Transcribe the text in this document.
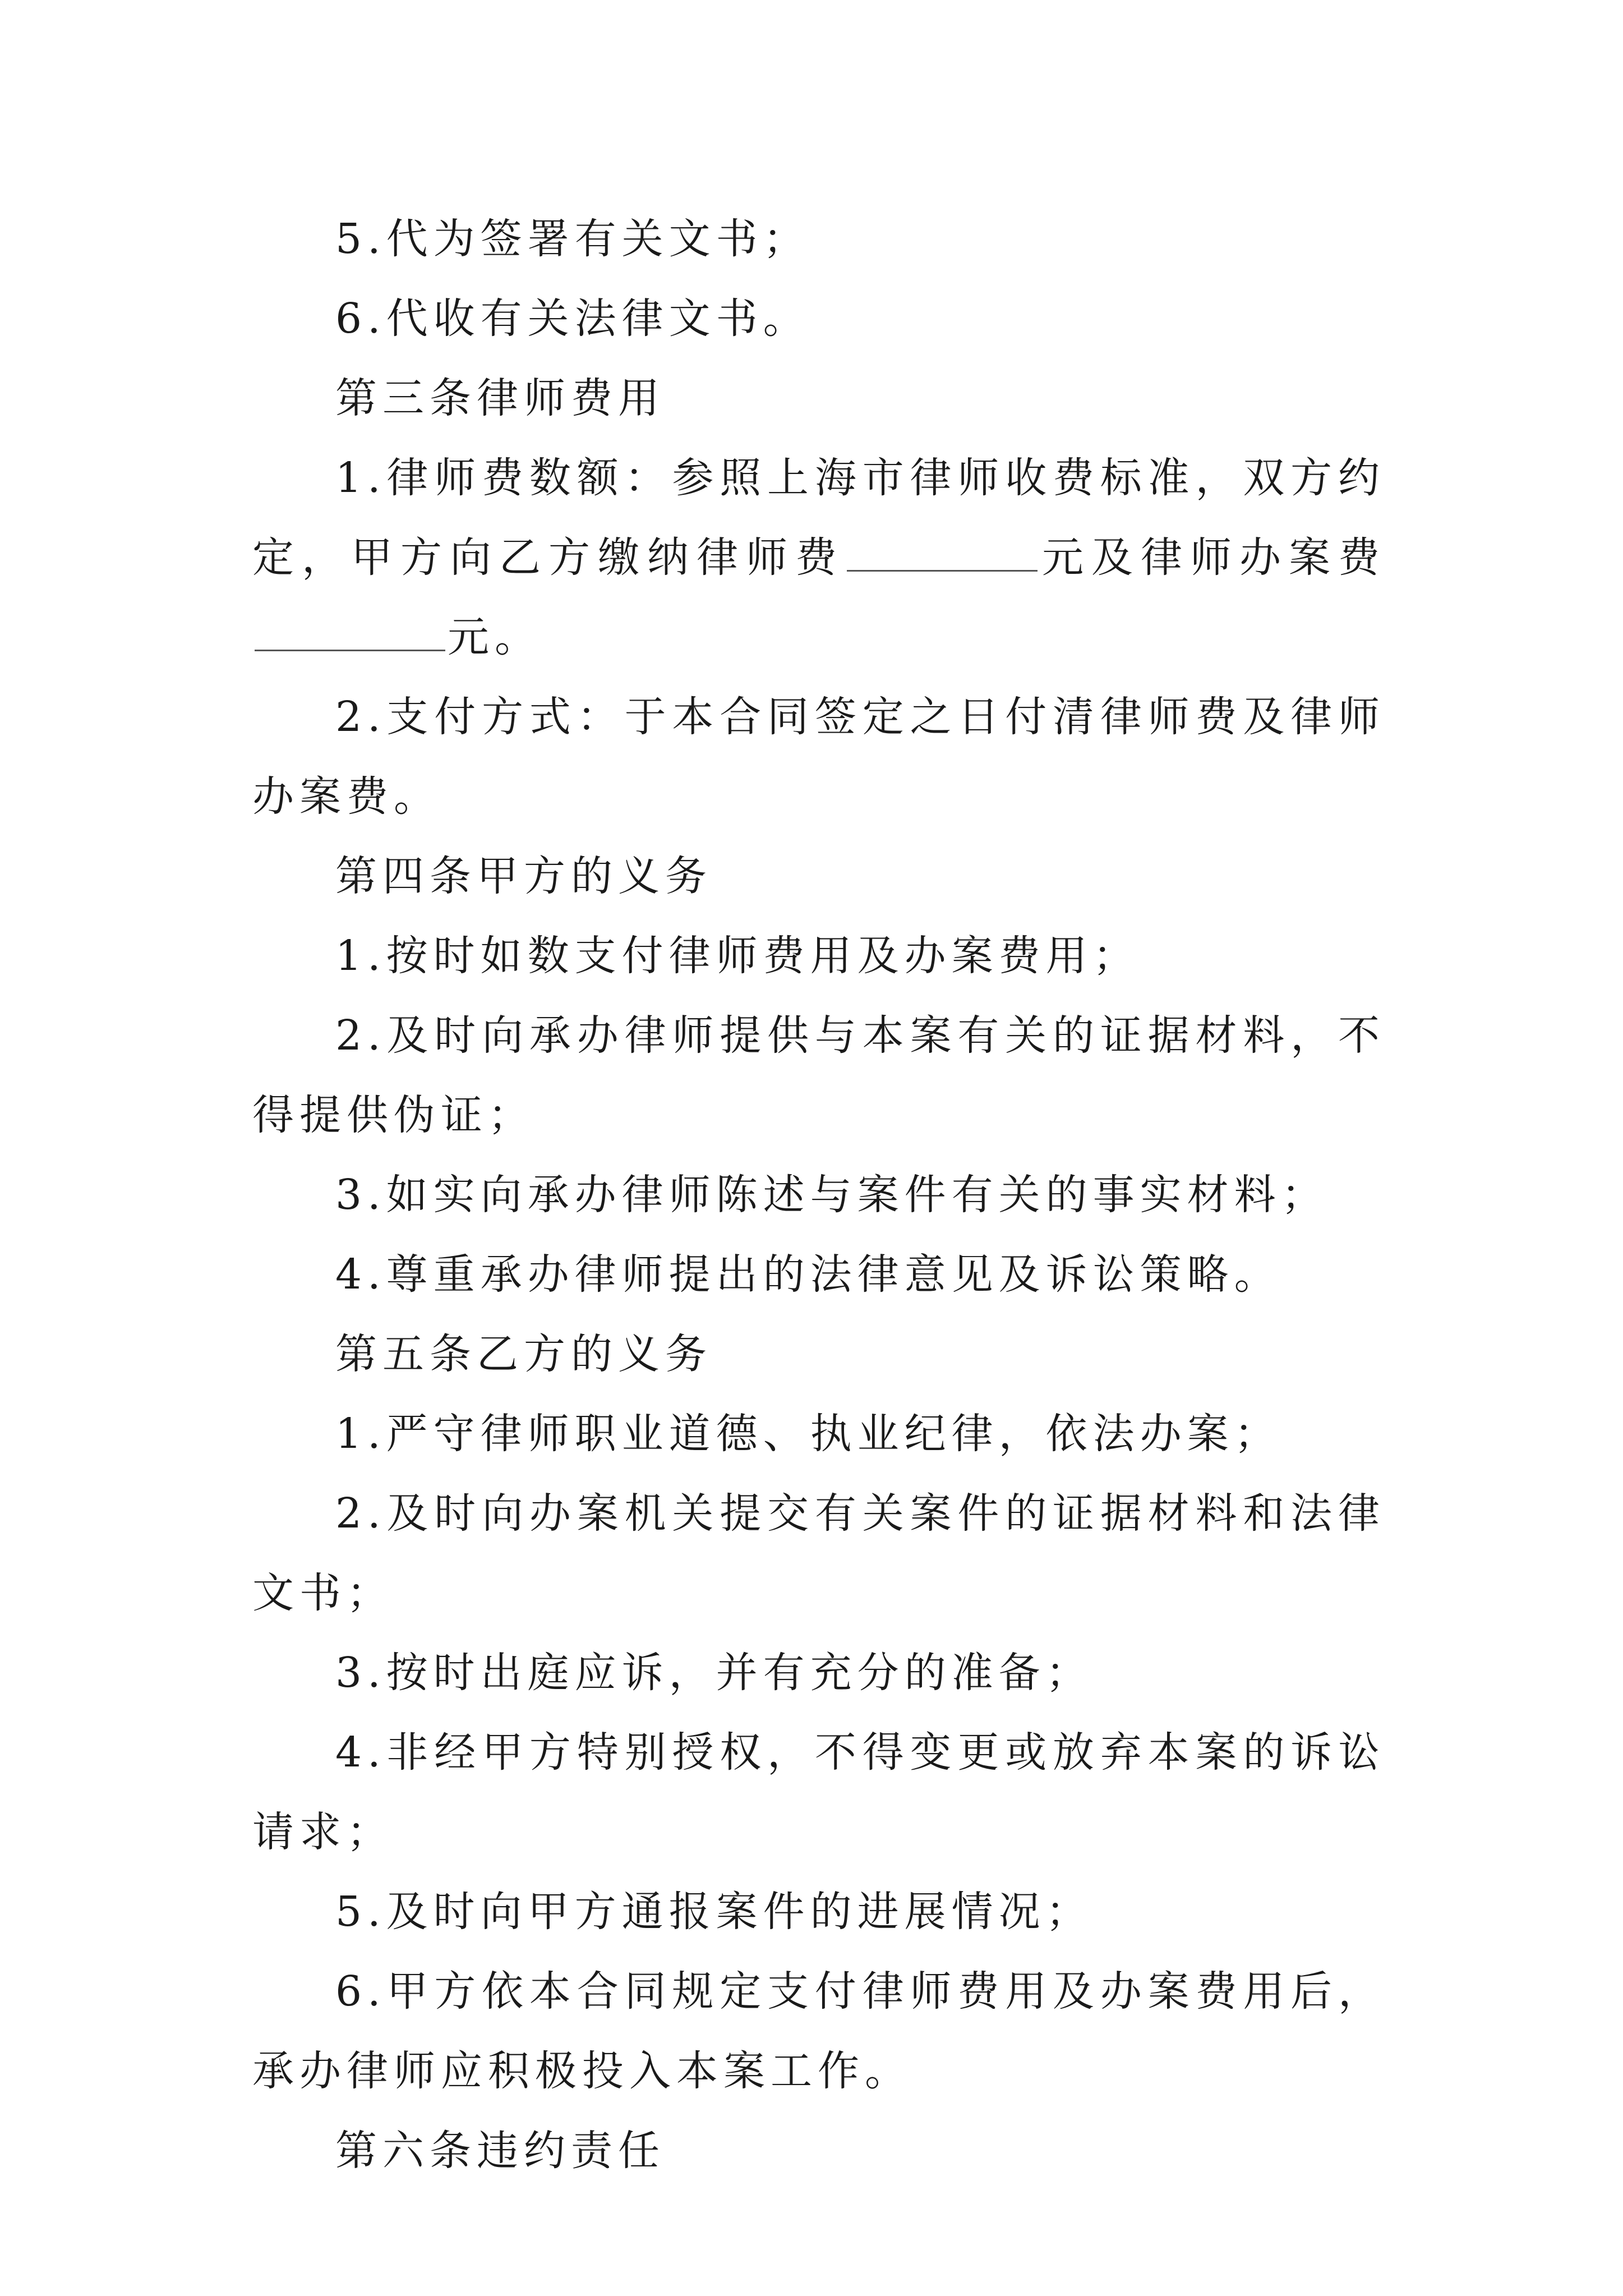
5.代为签署有关文书；

6.代收有关法律文书。

第三条律师费用

1.律师费数额：参照上海市律师收费标准，双方约定，甲方向乙方缴纳律师费	元及律师办案费元。

2.支付方式：于本合同签定之日付清律师费及律师办案费。

第四条甲方的义务

1.按时如数支付律师费用及办案费用；

2.及时向承办律师提供与本案有关的证据材料，不得提供伪证；

3.如实向承办律师陈述与案件有关的事实材料；

4.尊重承办律师提出的法律意见及诉讼策略。

第五条乙方的义务

1.严守律师职业道德、执业纪律，依法办案；

2.及时向办案机关提交有关案件的证据材料和法律文书；

3.按时出庭应诉，并有充分的准备；

4.非经甲方特别授权，不得变更或放弃本案的诉讼请求；

5.及时向甲方通报案件的进展情况；

6.甲方依本合同规定支付律师费用及办案费用后，承办律师应积极投入本案工作。

第六条违约责任
